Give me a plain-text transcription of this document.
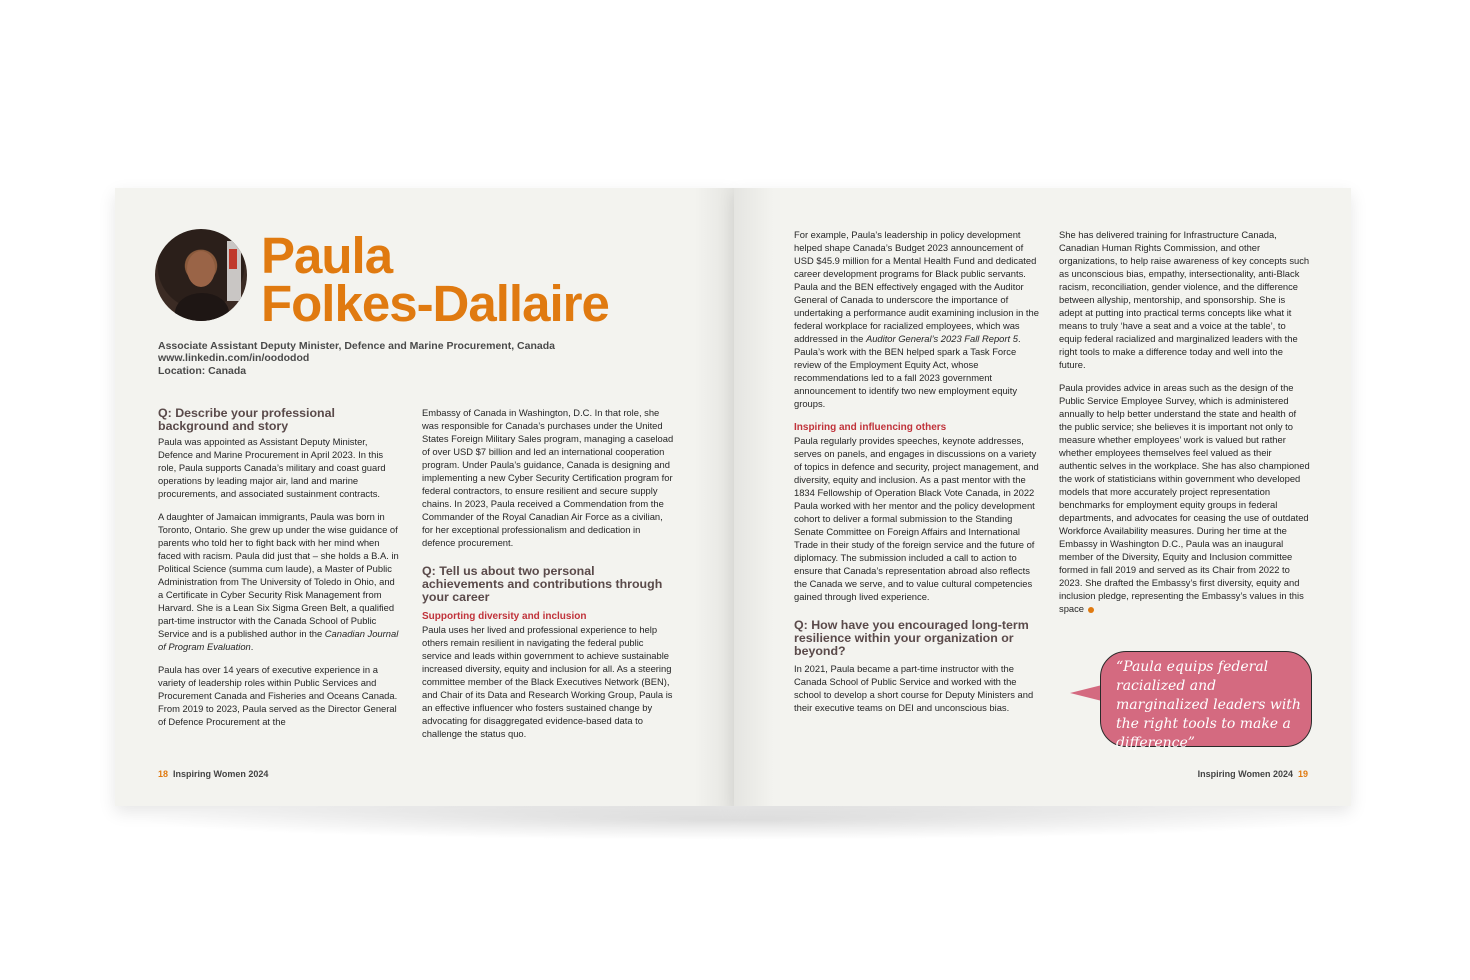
Paula
Folkes-Dallaire
Associate Assistant Deputy Minister, Defence and Marine Procurement, Canada
www.linkedin.com/in/oododod
Location: Canada
Q: Describe your professional background and story

Paula was appointed as Assistant Deputy Minister, Defence and Marine Procurement in April 2023. In this role, Paula supports Canada’s military and coast guard operations by leading major air, land and marine procurements, and associated sustainment contracts.

A daughter of Jamaican immigrants, Paula was born in Toronto, Ontario. She grew up under the wise guidance of parents who told her to fight back with her mind when faced with racism. Paula did just that – she holds a B.A. in Political Science (summa cum laude), a Master of Public Administration from The University of Toledo in Ohio, and a Certificate in Cyber Security Risk Management from Harvard. She is a Lean Six Sigma Green Belt, a qualified part-time instructor with the Canada School of Public Service and is a published author in the Canadian Journal of Program Evaluation.

Paula has over 14 years of executive experience in a variety of leadership roles within Public Services and Procurement Canada and Fisheries and Oceans Canada. From 2019 to 2023, Paula served as the Director General of Defence Procurement at the

Embassy of Canada in Washington, D.C. In that role, she was responsible for Canada’s purchases under the United States Foreign Military Sales program, managing a caseload of over USD $7 billion and led an international cooperation program. Under Paula’s guidance, Canada is designing and implementing a new Cyber Security Certification program for federal contractors, to ensure resilient and secure supply chains. In 2023, Paula received a Commendation from the Commander of the Royal Canadian Air Force as a civilian, for her exceptional professionalism and dedication in defence procurement.

Q: Tell us about two personal achievements and contributions through your career
Supporting diversity and inclusion

Paula uses her lived and professional experience to help others remain resilient in navigating the federal public service and leads within government to achieve sustainable increased diversity, equity and inclusion for all. As a steering committee member of the Black Executives Network (BEN), and Chair of its Data and Research Working Group, Paula is an effective influencer who fosters sustained change by advocating for disaggregated evidence-based data to challenge the status quo.

18 Inspiring Women 2024

For example, Paula’s leadership in policy development helped shape Canada’s Budget 2023 announcement of USD $45.9 million for a Mental Health Fund and dedicated career development programs for Black public servants. Paula and the BEN effectively engaged with the Auditor General of Canada to underscore the importance of undertaking a performance audit examining inclusion in the federal workplace for racialized employees, which was addressed in the Auditor General’s 2023 Fall Report 5. Paula’s work with the BEN helped spark a Task Force review of the Employment Equity Act, whose recommendations led to a fall 2023 government announcement to identify two new employment equity groups.

Inspiring and influencing others

Paula regularly provides speeches, keynote addresses, serves on panels, and engages in discussions on a variety of topics in defence and security, project management, and diversity, equity and inclusion. As a past mentor with the 1834 Fellowship of Operation Black Vote Canada, in 2022 Paula worked with her mentor and the policy development cohort to deliver a formal submission to the Standing Senate Committee on Foreign Affairs and International Trade in their study of the foreign service and the future of diplomacy. The submission included a call to action to ensure that Canada’s representation abroad also reflects the Canada we serve, and to value cultural competencies gained through lived experience.

Q: How have you encouraged long-term resilience within your organization or beyond?

In 2021, Paula became a part-time instructor with the Canada School of Public Service and worked with the school to develop a short course for Deputy Ministers and their executive teams on DEI and unconscious bias.

She has delivered training for Infrastructure Canada, Canadian Human Rights Commission, and other organizations, to help raise awareness of key concepts such as unconscious bias, empathy, intersectionality, anti-Black racism, reconciliation, gender violence, and the difference between allyship, mentorship, and sponsorship. She is adept at putting into practical terms concepts like what it means to truly ‘have a seat and a voice at the table’, to equip federal racialized and marginalized leaders with the right tools to make a difference today and well into the future.

Paula provides advice in areas such as the design of the Public Service Employee Survey, which is administered annually to help better understand the state and health of the public service; she believes it is important not only to measure whether employees’ work is valued but rather whether employees themselves feel valued as their authentic selves in the workplace. She has also championed the work of statisticians within government who developed models that more accurately project representation benchmarks for employment equity groups in federal departments, and advocates for ceasing the use of outdated Workforce Availability measures. During her time at the Embassy in Washington D.C., Paula was an inaugural member of the Diversity, Equity and Inclusion committee formed in fall 2019 and served as its Chair from 2022 to 2023. She drafted the Embassy’s first diversity, equity and inclusion pledge, representing the Embassy’s values in this space

“Paula equips federal racialized and marginalized leaders with the right tools to make a difference”
Inspiring Women 2024 19
